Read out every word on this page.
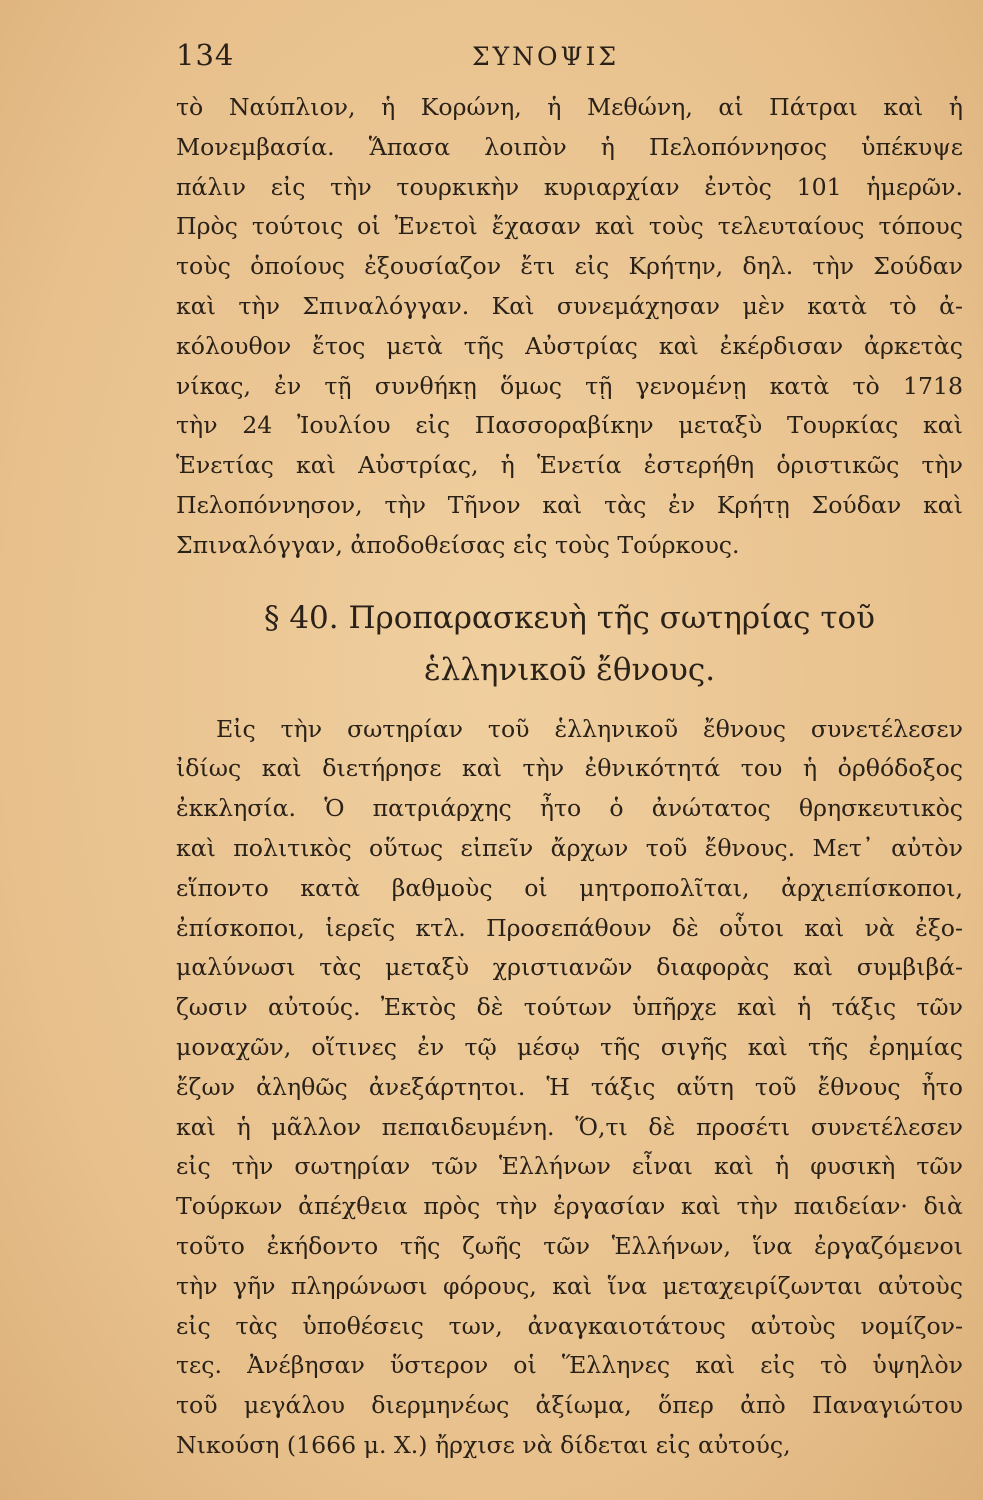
134	ΣΥΝΟΨΙΣ
τὸ Ναύπλιον, ἡ Κορώνη, ἡ Μεθώνη, αἱ Πάτραι καὶ ἡ
Μονεμβασία. Ἅπασα λοιπὸν ἡ Πελοπόννησος ὑπέκυψε
πάλιν εἰς τὴν τουρκικὴν κυριαρχίαν ἐντὸς 101 ἡμερῶν.
Πρὸς τούτοις οἱ Ἐνετοὶ ἔχασαν καὶ τοὺς τελευταίους τόπους
τοὺς ὁποίους ἐξουσίαζον ἔτι εἰς Κρήτην, δηλ. τὴν Σούδαν
καὶ τὴν Σπιναλόγγαν. Καὶ συνεμάχησαν μὲν κατὰ τὸ ἀ-
κόλουθον ἔτος μετὰ τῆς Αὐστρίας καὶ ἐκέρδισαν ἀρκετὰς
νίκας, ἐν τῇ συνθήκῃ ὅμως τῇ γενομένῃ κατὰ τὸ 1718
τὴν 24 Ἰουλίου εἰς Πασσοραβίκην μεταξὺ Τουρκίας καὶ
Ἑνετίας καὶ Αὐστρίας, ἡ Ἑνετία ἐστερήθη ὁριστικῶς τὴν
Πελοπόννησον, τὴν Τῆνον καὶ τὰς ἐν Κρήτῃ Σούδαν καὶ
Σπιναλόγγαν, ἀποδοθείσας εἰς τοὺς Τούρκους.
§ 40. Προπαρασκευὴ τῆς σωτηρίας τοῦ
ἑλληνικοῦ ἔθνους.
Εἰς τὴν σωτηρίαν τοῦ ἑλληνικοῦ ἔθνους συνετέλεσεν
ἰδίως καὶ διετήρησε καὶ τὴν ἐθνικότητά του ἡ ὀρθόδοξος
ἐκκλησία. Ὁ πατριάρχης ἦτο ὁ ἀνώτατος θρησκευτικὸς
καὶ πολιτικὸς οὕτως εἰπεῖν ἄρχων τοῦ ἔθνους. Μετ᾽ αὐτὸν
εἵποντο κατὰ βαθμοὺς οἱ μητροπολῖται, ἀρχιεπίσκοποι,
ἐπίσκοποι, ἱερεῖς κτλ. Προσεπάθουν δὲ οὗτοι καὶ νὰ ἐξο-
μαλύνωσι τὰς μεταξὺ χριστιανῶν διαφορὰς καὶ συμβιβά-
ζωσιν αὐτούς. Ἐκτὸς δὲ τούτων ὑπῆρχε καὶ ἡ τάξις τῶν
μοναχῶν, οἵτινες ἐν τῷ μέσῳ τῆς σιγῆς καὶ τῆς ἐρημίας
ἔζων ἀληθῶς ἀνεξάρτητοι. Ἡ τάξις αὕτη τοῦ ἔθνους ἦτο
καὶ ἡ μᾶλλον πεπαιδευμένη. Ὅ,τι δὲ προσέτι συνετέλεσεν
εἰς τὴν σωτηρίαν τῶν Ἑλλήνων εἶναι καὶ ἡ φυσικὴ τῶν
Τούρκων ἀπέχθεια πρὸς τὴν ἐργασίαν καὶ τὴν παιδείαν· διὰ
τοῦτο ἐκήδοντο τῆς ζωῆς τῶν Ἑλλήνων, ἵνα ἐργαζόμενοι
τὴν γῆν πληρώνωσι φόρους, καὶ ἵνα μεταχειρίζωνται αὐτοὺς
εἰς τὰς ὑποθέσεις των, ἀναγκαιοτάτους αὐτοὺς νομίζον-
τες. Ἀνέβησαν ὕστερον οἱ Ἕλληνες καὶ εἰς τὸ ὑψηλὸν
τοῦ μεγάλου διερμηνέως ἀξίωμα, ὅπερ ἀπὸ Παναγιώτου
Νικούση (1666 μ. Χ.) ἤρχισε νὰ δίδεται εἰς αὐτούς,
